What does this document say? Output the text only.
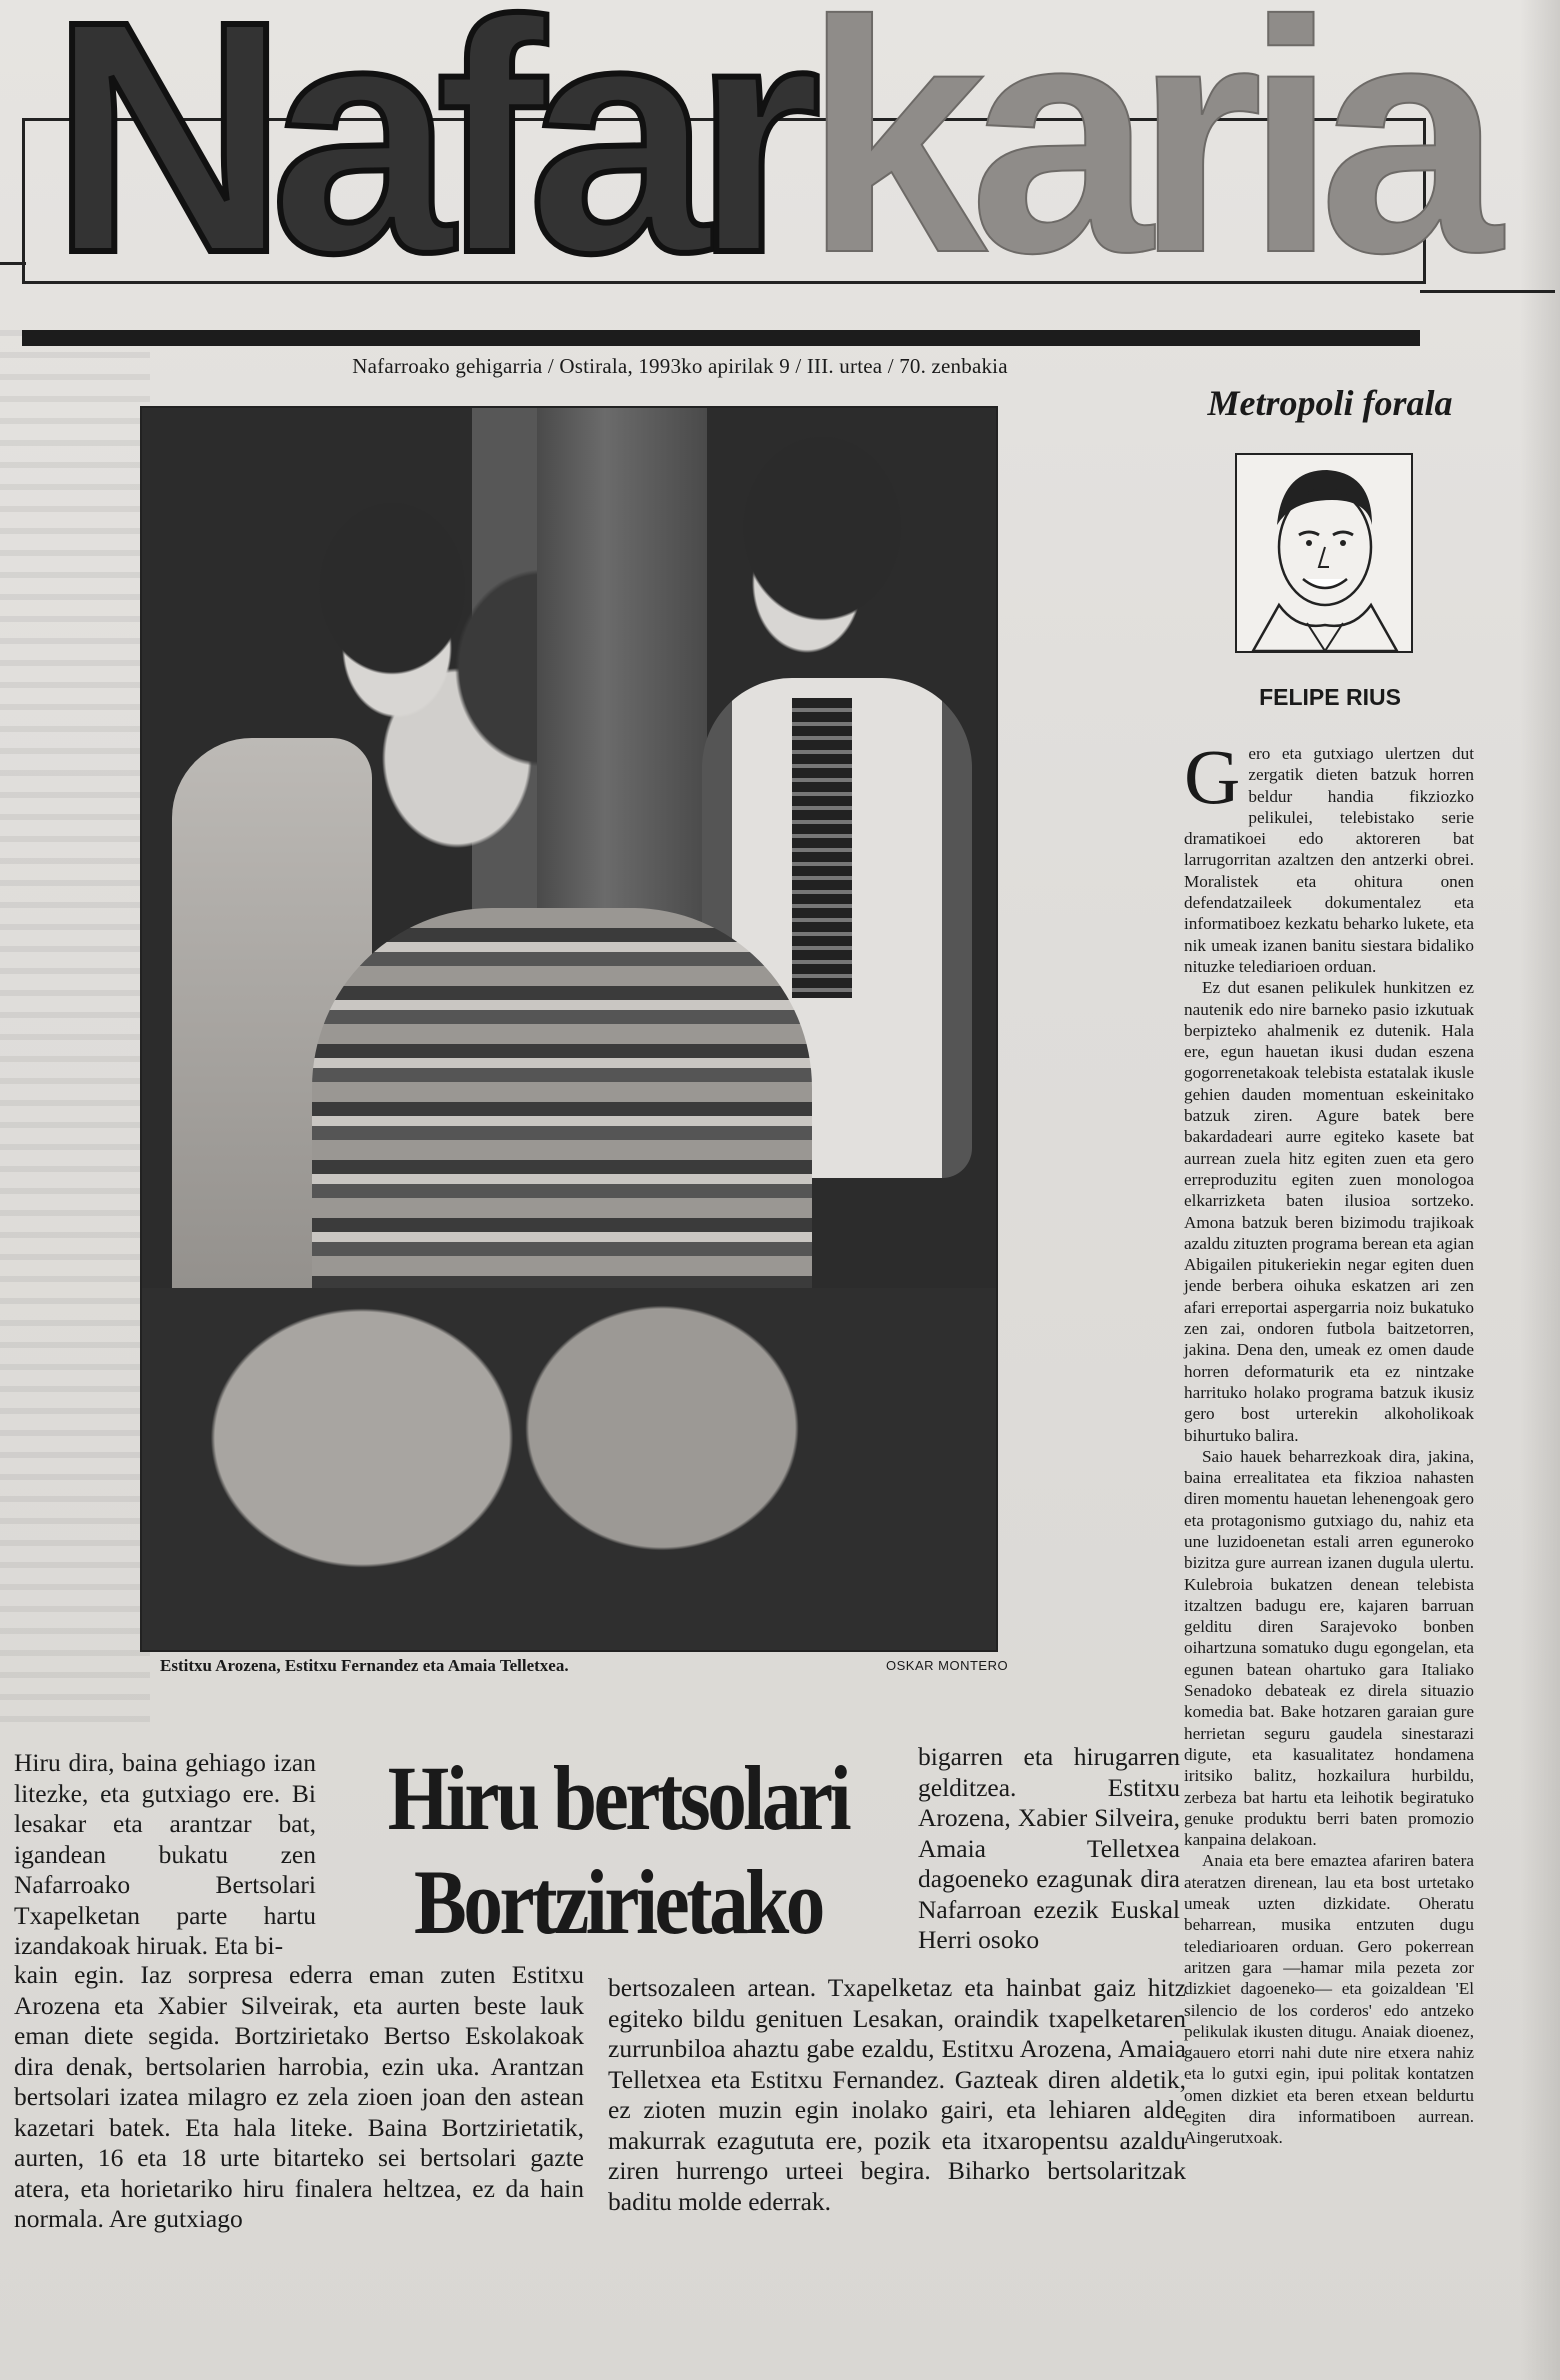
Nafarkaria
Nafarroako gehigarria / Ostirala, 1993ko apirilak 9 / III. urtea / 70. zenbakia
Estitxu Arozena, Estitxu Fernandez eta Amaia Telletxea.	OSKAR MONTERO
Hiru dira, baina gehiago izan litezke, eta gutxiago ere. Bi lesakar eta arantzar bat, igandean bukatu zen Nafarroako Bertsolari Txapelketan parte hartu izandakoak hiruak. Eta bi-
Hiru bertsolari Bortzirietako
bigarren eta hirugarren gelditzea. Estitxu Arozena, Xabier Silveira, Amaia Telletxea dagoeneko ezagunak dira Nafarroan ezezik Euskal Herri osoko
kain egin. Iaz sorpresa ederra eman zuten Estitxu Arozena eta Xabier Silveirak, eta aurten beste lauk eman diete segida. Bortzirietako Bertso Eskolakoak dira denak, bertsolarien harrobia, ezin uka. Arantzan bertsolari izatea milagro ez zela zioen joan den astean kazetari batek. Eta hala liteke. Baina Bortzirietatik, aurten, 16 eta 18 urte bitarteko sei bertsolari gazte atera, eta horietariko hiru finalera heltzea, ez da hain normala. Are gutxiago
bertsozaleen artean. Txapelketaz eta hainbat gaiz hitz egiteko bildu genituen Lesakan, oraindik txapelketaren zurrunbiloa ahaztu gabe ezaldu, Estitxu Arozena, Amaia Telletxea eta Estitxu Fernandez. Gazteak diren aldetik, ez zioten muzin egin inolako gairi, eta lehiaren alde makurrak ezagututa ere, pozik eta itxaropentsu azaldu ziren hurrengo urteei begira. Biharko bertsolaritzak baditu molde ederrak.
Metropoli forala
FELIPE RIUS

Gero eta gutxiago ulertzen dut zergatik dieten batzuk horren beldur handia fikziozko pelikulei, telebistako serie dramatikoei edo aktoreren bat larrugorritan azaltzen den antzerki obrei. Moralistek eta ohitura onen defendatzaileek dokumentalez eta informatiboez kezkatu beharko lukete, eta nik umeak izanen banitu siestara bidaliko nituzke telediarioen orduan.

Ez dut esanen pelikulek hunkitzen ez nautenik edo nire barneko pasio izkutuak berpizteko ahalmenik ez dutenik. Hala ere, egun hauetan ikusi dudan eszena gogorrenetakoak telebista estatalak ikusle gehien dauden momentuan eskeinitako batzuk ziren. Agure batek bere bakardadeari aurre egiteko kasete bat aurrean zuela hitz egiten zuen eta gero erreproduzitu egiten zuen monologoa elkarrizketa baten ilusioa sortzeko. Amona batzuk beren bizimodu trajikoak azaldu zituzten programa berean eta agian Abigailen pitukeriekin negar egiten duen jende berbera oihuka eskatzen ari zen afari erreportai aspergarria noiz bukatuko zen zai, ondoren futbola baitzetorren, jakina. Dena den, umeak ez omen daude horren deformaturik eta ez nintzake harrituko holako programa batzuk ikusiz gero bost urterekin alkoholikoak bihurtuko balira.

Saio hauek beharrezkoak dira, jakina, baina errealitatea eta fikzioa nahasten diren momentu hauetan lehenengoak gero eta protagonismo gutxiago du, nahiz eta une luzidoenetan estali arren eguneroko bizitza gure aurrean izanen dugula ulertu. Kulebroia bukatzen denean telebista itzaltzen badugu ere, kajaren barruan gelditu diren Sarajevoko bonben oihartzuna somatuko dugu egongelan, eta egunen batean ohartuko gara Italiako Senadoko debateak ez direla situazio komedia bat. Bake hotzaren garaian gure herrietan seguru gaudela sinestarazi digute, eta kasualitatez hondamena iritsiko balitz, hozkailura hurbildu, zerbeza bat hartu eta leihotik begiratuko genuke produktu berri baten promozio kanpaina delakoan.

Anaia eta bere emaztea afariren batera ateratzen direnean, lau eta bost urtetako umeak uzten dizkidate. Oheratu beharrean, musika entzuten dugu telediarioaren orduan. Gero pokerrean aritzen gara —hamar mila pezeta zor dizkiet dagoeneko— eta goizaldean 'El silencio de los corderos' edo antzeko pelikulak ikusten ditugu. Anaiak dioenez, gauero etorri nahi dute nire etxera nahiz eta lo gutxi egin, ipui politak kontatzen omen dizkiet eta beren etxean beldurtu egiten dira informatiboen aurrean. Aingerutxoak.
